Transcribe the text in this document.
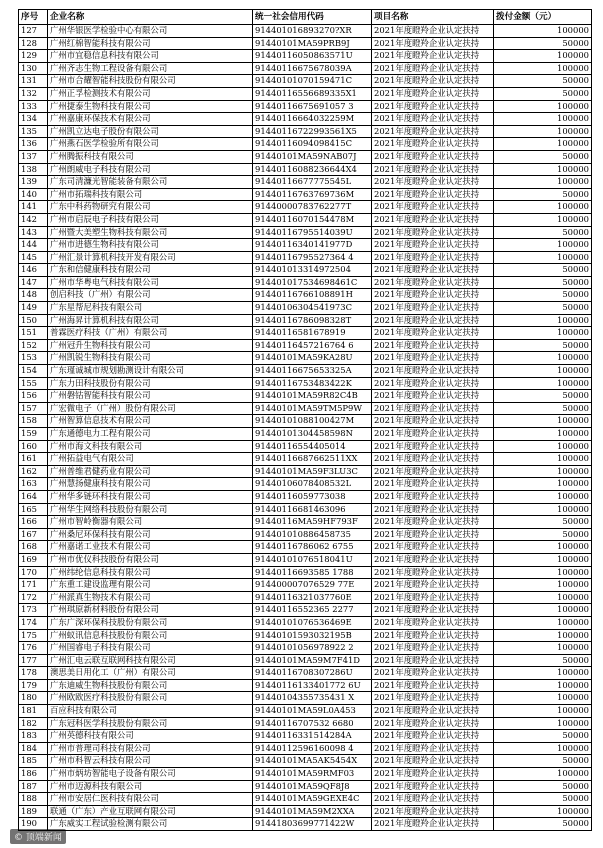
序号	企业名称	统一社会信用代码	项目名称	拨付金额（元）
127	广州华银医学检验中心有限公司	914401016893270?XR	2021年度瞪羚企业认定扶持	100000
128	广州红棉智能科技有限公司	91440101MA59PRB9J	2021年度瞪羚企业认定扶持	50000
129	广州市宜稳信息科技有限公司	91440116050863571U	2021年度瞪羚企业认定扶持	100000
130	广州齐志生物工程设备有限公司	91440116675678039A	2021年度瞪羚企业认定扶持	100000
131	广州市合耀智能科技股份有限公司	91440101070159471C	2021年度瞪羚企业认定扶持	50000
132	广州正孚检测技术有限公司	91440116556689335X1	2021年度瞪羚企业认定扶持	50000
133	广州捷泰生物科技有限公司	91440116675691057 3	2021年度瞪羚企业认定扶持	100000
134	广州嘉康环保技术有限公司	91440116664032259M	2021年度瞪羚企业认定扶持	100000
135	广州凯立达电子股份有限公司	91440116722993561X5	2021年度瞪羚企业认定扶持	100000
136	广州燕石医学检验所有限公司	91440116094098415C	2021年度瞪羚企业认定扶持	100000
137	广州腾振科技有限公司	91440101MA59NAB07J	2021年度瞪羚企业认定扶持	50000
138	广州朗威电子科技有限公司	91440116088236644X4	2021年度瞪羚企业认定扶持	100000
139	广东司清濂光智能装备有限公司	91440116677775545L	2021年度瞪羚企业认定扶持	100000
140	广州市拓瑞科技有限公司	91440116763769736M	2021年度瞪羚企业认定扶持	50000
141	广东中科药物研究有限公司	91440000783762277T	2021年度瞪羚企业认定扶持	100000
142	广州市启辰电子科技有限公司	91440116070154478M	2021年度瞪羚企业认定扶持	100000
143	广州暨大美塑生物科技有限公司	91440116795514039U	2021年度瞪羚企业认定扶持	50000
144	广州市进德生物科技有限公司	91440116340141977D	2021年度瞪羚企业认定扶持	100000
145	广州汇景计算机科技开发有限公司	91440116795527364 4	2021年度瞪羚企业认定扶持	100000
146	广东和信健康科技有限公司	914401013314972504	2021年度瞪羚企业认定扶持	50000
147	广州市华粤电气科技有限公司	914401017534698461C	2021年度瞪羚企业认定扶持	50000
148	创启科技（广州）有限公司	91440116766108891H	2021年度瞪羚企业认定扶持	50000
149	广东星帮尼科技有限公司	91440106304541973C	2021年度瞪羚企业认定扶持	50000
150	广州海昇计算机科技有限公司	91440116786098328T	2021年度瞪羚企业认定扶持	100000
151	普霖医疗科技（广州）有限公司	91440116581678919	2021年度瞪羚企业认定扶持	100000
152	广州冠升生物科技有限公司	91440116457216764 6	2021年度瞪羚企业认定扶持	50000
153	广州凯锐生物科技有限公司	91440101MA59KA28U	2021年度瞪羚企业认定扶持	100000
154	广东瑾诚城市规划勘测设计有限公司	91440116675653325A	2021年度瞪羚企业认定扶持	100000
155	广东力田科技股份有限公司	91440116753483422K	2021年度瞪羚企业认定扶持	100000
156	广州磐钴智能科技有限公司	91440101MA59R82C4B	2021年度瞪羚企业认定扶持	50000
157	广宏微电子（广州）股份有限公司	91440101MA59TM5P9W	2021年度瞪羚企业认定扶持	50000
158	广州智算信息技术有限公司	91440101088100427M	2021年度瞪羚企业认定扶持	100000
159	广东通德电力工程有限公司	91440101304458598N	2021年度瞪羚企业认定扶持	100000
160	广州市海文科技有限公司	91440116554405014	2021年度瞪羚企业认定扶持	100000
161	广州拓益电气有限公司	91440116687662511XX	2021年度瞪羚企业认定扶持	100000
162	广州普维君健药业有限公司	91440101MA59F3LU3C	2021年度瞪羚企业认定扶持	100000
163	广州慧扬健康科技有限公司	91440106078408532L	2021年度瞪羚企业认定扶持	100000
164	广州华多链环科技有限公司	91440116059773038	2021年度瞪羚企业认定扶持	100000
165	广州华生网络科技股份有限公司	91440116681463096	2021年度瞪羚企业认定扶持	100000
166	广州市智岭衡器有限公司	91440116MA59HF793F	2021年度瞪羚企业认定扶持	50000
167	广州桑尼环保科技有限公司	914401010886458735	2021年度瞪羚企业认定扶持	50000
168	广州嘉诺工业技术有限公司	91440116786062 6755	2021年度瞪羚企业认定扶持	100000
169	广州市优仪科技股份有限公司	91440101076518041U	2021年度瞪羚企业认定扶持	100000
170	广州纬纶信息科技有限公司	91440116693585 1788	2021年度瞪羚企业认定扶持	100000
171	广东重工建设监理有限公司	914400007076529 77E	2021年度瞪羚企业认定扶持	100000
172	广州派真生物技术有限公司	91440116321037760E	2021年度瞪羚企业认定扶持	100000
173	广州琪原新材料股份有限公司	91440116552365 2277	2021年度瞪羚企业认定扶持	100000
174	广东广深环保科技股份有限公司	91440101076536469E	2021年度瞪羚企业认定扶持	100000
175	广州蚁讯信息科技股份有限公司	91440101593032195B	2021年度瞪羚企业认定扶持	100000
176	广州国睿电子科技有限公司	91440101056978922 2	2021年度瞪羚企业认定扶持	100000
177	广州汇电云联互联网科技有限公司	91440101MA59M7F41D	2021年度瞪羚企业认定扶持	50000
178	澳思美日用化工（广州）有限公司	91440116708307286U	2021年度瞪羚企业认定扶持	100000
179	广东迪威生物科技股份有限公司	91440116133401772 6U	2021年度瞪羚企业认定扶持	100000
180	广州欧欧医疗科技股份有限公司	91440104355735431 X	2021年度瞪羚企业认定扶持	100000
181	百应科技有限公司	91440101MA59L0A453	2021年度瞪羚企业认定扶持	100000
182	广东冠科医学科技股份有限公司	91440116707532 6680	2021年度瞪羚企业认定扶持	100000
183	广州英德科技有限公司	91440116331514284A	2021年度瞪羚企业认定扶持	50000
184	广州市普理司科技有限公司	91440112596160098 4	2021年度瞪羚企业认定扶持	100000
185	广州市科智云科技有限公司	91440101MA5AK5454X	2021年度瞪羚企业认定扶持	50000
186	广州市炳坊智能电子设备有限公司	91440101MA59RMF03	2021年度瞪羚企业认定扶持	100000
187	广州市迈源科技有限公司	91440101MA59QF8J8	2021年度瞪羚企业认定扶持	50000
188	广州市安居仁医科技有限公司	91440101MA59GEXE4C	2021年度瞪羚企业认定扶持	50000
189	联通（广东）产业互联网有限公司	91440101MA59M2XXA	2021年度瞪羚企业认定扶持	100000
190	广东威实工程试验检测有限公司	91441803699771422W	2021年度瞪羚企业认定扶持	50000
© 顶端新闻
